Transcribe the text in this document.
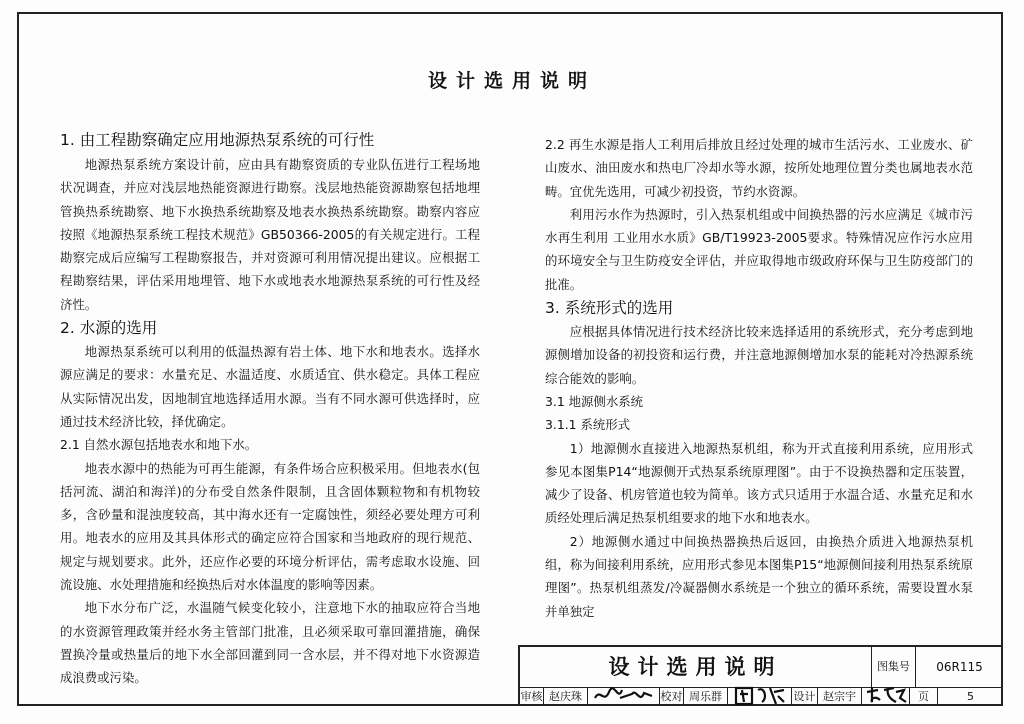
设计选用说明
1. 由工程勘察确定应用地源热泵系统的可行性

地源热泵系统方案设计前，应由具有勘察资质的专业队伍进行工程场地状况调查，并应对浅层地热能资源进行勘察。浅层地热能资源勘察包括地埋管换热系统勘察、地下水换热系统勘察及地表水换热系统勘察。勘察内容应按照《地源热泵系统工程技术规范》GB50366-2005的有关规定进行。工程勘察完成后应编写工程勘察报告，并对资源可利用情况提出建议。应根据工程勘察结果，评估采用地埋管、地下水或地表水地源热泵系统的可行性及经济性。

2. 水源的选用

地源热泵系统可以利用的低温热源有岩土体、地下水和地表水。选择水源应满足的要求：水量充足、水温适度、水质适宜、供水稳定。具体工程应从实际情况出发，因地制宜地选择适用水源。当有不同水源可供选择时，应通过技术经济比较，择优确定。

2.1 自然水源包括地表水和地下水。

地表水源中的热能为可再生能源，有条件场合应积极采用。但地表水(包括河流、湖泊和海洋)的分布受自然条件限制，且含固体颗粒物和有机物较多，含砂量和混浊度较高，其中海水还有一定腐蚀性，须经必要处理方可利用。地表水的应用及其具体形式的确定应符合国家和当地政府的现行规范、规定与规划要求。此外，还应作必要的环境分析评估，需考虑取水设施、回流设施、水处理措施和经换热后对水体温度的影响等因素。

地下水分布广泛，水温随气候变化较小，注意地下水的抽取应符合当地的水资源管理政策并经水务主管部门批准，且必须采取可靠回灌措施，确保置换冷量或热量后的地下水全部回灌到同一含水层，并不得对地下水资源造成浪费或污染。

2.2 再生水源是指人工利用后排放且经过处理的城市生活污水、工业废水、矿山废水、油田废水和热电厂冷却水等水源，按所处地理位置分类也属地表水范畴。宜优先选用，可减少初投资，节约水资源。

利用污水作为热源时，引入热泵机组或中间换热器的污水应满足《城市污水再生利用 工业用水水质》GB/T19923-2005要求。特殊情况应作污水应用的环境安全与卫生防疫安全评估，并应取得地市级政府环保与卫生防疫部门的批准。

3. 系统形式的选用

应根据具体情况进行技术经济比较来选择适用的系统形式，充分考虑到地源侧增加设备的初投资和运行费，并注意地源侧增加水泵的能耗对冷热源系统综合能效的影响。

3.1 地源侧水系统
3.1.1 系统形式

1）地源侧水直接进入地源热泵机组，称为开式直接利用系统，应用形式参见本图集P14“地源侧开式热泵系统原理图”。由于不设换热器和定压装置，减少了设备、机房管道也较为简单。该方式只适用于水温合适、水量充足和水质经处理后满足热泵机组要求的地下水和地表水。

2）地源侧水通过中间换热器换热后返回，由换热介质进入地源热泵机组，称为间接利用系统，应用形式参见本图集P15“地源侧间接利用热泵系统原理图”。热泵机组蒸发/冷凝器侧水系统是一个独立的循环系统，需要设置水泵并单独定

设计选用说明	图集号	06R115
审核 赵庆珠	校对 周乐群	设计 赵宗宇	页	5
